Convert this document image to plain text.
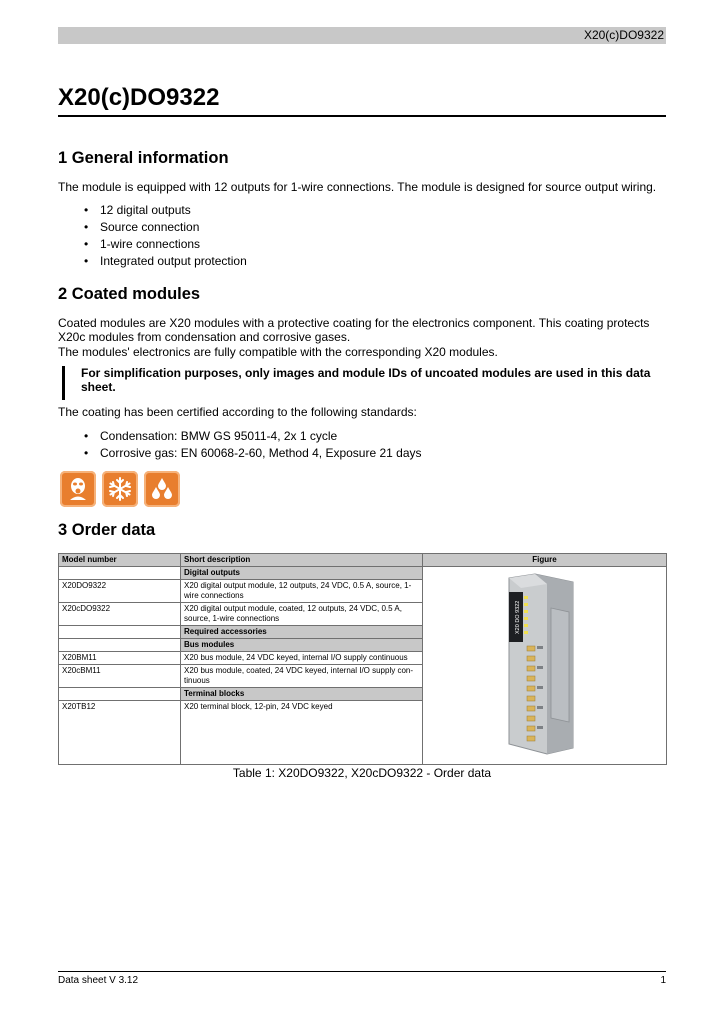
X20(c)DO9322
X20(c)DO9322
1 General information

The module is equipped with 12 outputs for 1-wire connections. The module is designed for source output wiring.

• 12 digital outputs
• Source connection
• 1-wire connections
• Integrated output protection
2 Coated modules

Coated modules are X20 modules with a protective coating for the electronics component. This coating protects X20c modules from condensation and corrosive gases.

The modules' electronics are fully compatible with the corresponding X20 modules.

For simplification purposes, only images and module IDs of uncoated modules are used in this data sheet.

The coating has been certified according to the following standards:

• Condensation: BMW GS 95011-4, 2x 1 cycle
• Corrosive gas: EN 60068-2-60, Method 4, Exposure 21 days
3 Order data
Model number	Short description	Figure
	Digital outputs	X20 DO 9322

X20DO9322	X20 digital output module, 12 outputs, 24 VDC, 0.5 A, source, 1-wire connections	
X20cDO9322	X20 digital output module, coated, 12 outputs, 24 VDC, 0.5 A, source, 1-wire connections	
	Required accessories	
	Bus modules	
X20BM11	X20 bus module, 24 VDC keyed, internal I/O supply continuous	
X20cBM11	X20 bus module, coated, 24 VDC keyed, internal I/O supply con-tinuous	
	Terminal blocks	
X20TB12	X20 terminal block, 12-pin, 24 VDC keyed	
Table 1: X20DO9322, X20cDO9322 - Order data
Data sheet V 3.12	1
